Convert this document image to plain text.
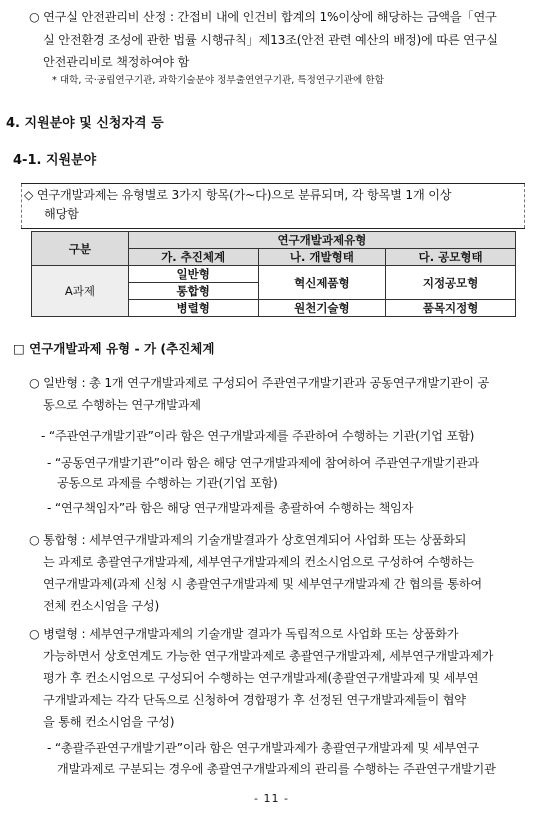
○ 연구실 안전관리비 산정 : 간접비 내에 인건비 합계의 1%이상에 해당하는 금액을「연구
실 안전환경 조성에 관한 법률 시행규칙」제13조(안전 관련 예산의 배정)에 따른 연구실
안전관리비로 책정하여야 함
* 대학, 국·공립연구기관, 과학기술분야 정부출연연구기관, 특정연구기관에 한함
4. 지원분야 및 신청자격 등
4-1. 지원분야
◇ 연구개발과제는 유형별로 3가지 항목(가~다)으로 분류되며, 각 항목별 1개 이상
해당함
구분	연구개발과제유형		
	가. 추진체계	나. 개발형태	다. 공모형태
A과제	일반형	혁신제품형	지정공모형
	통합형		
	병렬형	원천기술형	품목지정형

□ 연구개발과제 유형 - 가 (추진체계
○ 일반형 : 총 1개 연구개발과제로 구성되어 주관연구개발기관과 공동연구개발기관이 공
동으로 수행하는 연구개발과제
- “주관연구개발기관”이라 함은 연구개발과제를 주관하여 수행하는 기관(기업 포함)
- “공동연구개발기관”이라 함은 해당 연구개발과제에 참여하여 주관연구개발기관과
공동으로 과제를 수행하는 기관(기업 포함)
- “연구책임자”라 함은 해당 연구개발과제를 총괄하여 수행하는 책임자
○ 통합형 : 세부연구개발과제의 기술개발결과가 상호연계되어 사업화 또는 상품화되
는 과제로 총괄연구개발과제, 세부연구개발과제의 컨소시엄으로 구성하여 수행하는
연구개발과제(과제 신청 시 총괄연구개발과제 및 세부연구개발과제 간 협의를 통하여
전체 컨소시엄을 구성)
○ 병렬형 : 세부연구개발과제의 기술개발 결과가 독립적으로 사업화 또는 상품화가
가능하면서 상호연계도 가능한 연구개발과제로 총괄연구개발과제, 세부연구개발과제가
평가 후 컨소시엄으로 구성되어 수행하는 연구개발과제(총괄연구개발과제 및 세부연
구개발과제는 각각 단독으로 신청하여 경합평가 후 선정된 연구개발과제들이 협약
을 통해 컨소시엄을 구성)
- “총괄주관연구개발기관”이라 함은 연구개발과제가 총괄연구개발과제 및 세부연구
개발과제로 구분되는 경우에 총괄연구개발과제의 관리를 수행하는 주관연구개발기관
- 11 -
